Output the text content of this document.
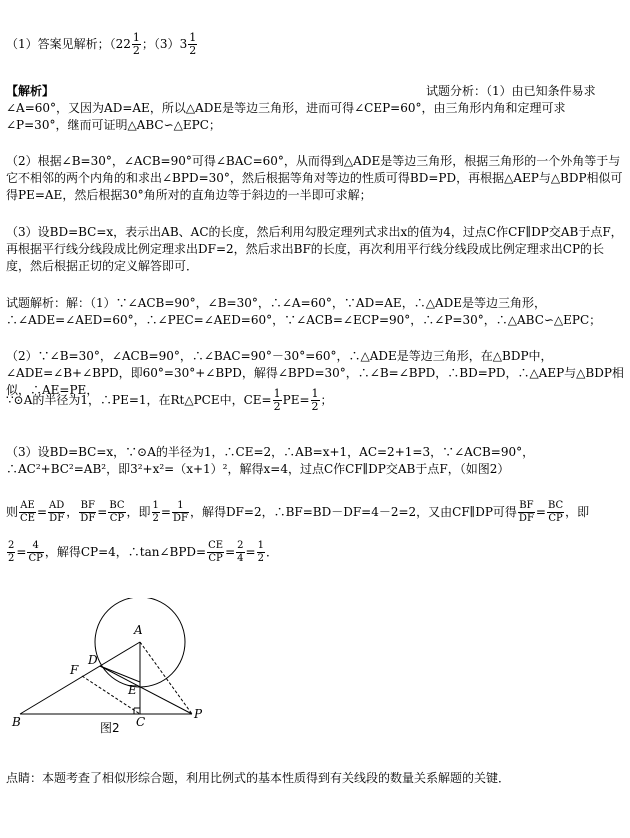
（1）答案见解析；（$22 \frac{1}{2}$ ；$(3)3 \frac{1}{2}$
【解析】	试题分析：（1）由已知条件易求
∠A=60°，又因为AD=AE，所以△ADE是等边三角形，进而可得∠CEP=60°，由三角形内角和定理可求∠P=30°，继而可证明△ABC∽△EPC；
（2）根据∠B=30°，∠ACB=90°可得∠BAC=60°，从而得到△ADE是等边三角形，根据三角形的一个外角等于与它不相邻的两个内角的和求出∠BPD=30°，然后根据等角对等边的性质可得BD=PD，再根据△AEP与△BDP相似可得PE=AE，然后根据30°角所对的直角边等于斜边的一半即可求解；
（3）设BD=BC=x，表示出AB、AC的长度，然后利用勾股定理列式求出x的值为4，过点C作CF∥DP交AB于点F，再根据平行线分线段成比例定理求出DF=2，然后求出BF的长度，再次利用平行线分线段成比例定理求出CP的长度，然后根据正切的定义解答即可．
试题解析：解：（1）∵∠ACB=90°，∠B=30°，∴∠A=60°，∵AD=AE，∴△ADE是等边三角形，∴∠ADE=∠AED=60°，∴∠PEC=∠AED=60°，∵∠ACB=∠ECP=90°，∴∠P=30°，∴△ABC∽△EPC；
（2）∵∠B=30°，∠ACB=90°，∴∠BAC=90°－30°=60°，∴△ADE是等边三角形，在△BDP中，∠ADE=∠B+∠BPD，即60°=30°+∠BPD，解得∠BPD=30°，∴∠B=∠BPD，∴BD=PD，∴△AEP与△BDP相似，∴AE=PE，
∵⊙A的半径为1，∴PE=1，在Rt△PCE中，$CE= \frac{1}{2} PE= \frac{1}{2}$ ；
（3）设BD=BC=x，∵⊙A的半径为1，∴CE=2，∴AB=x+1，AC=2+1=3，∵∠ACB=90°，∴AC²+BC²=AB²，即3²+x²=（x+1）²，解得x=4，过点C作CF∥DP交AB于点F，（如图2）
则 $\frac{AE}{CE} = \frac{AD}{DF}$ ， $\frac{BF}{DF} = \frac{BC}{CP}$ ，即 $\frac{1}{2} = \frac{1}{DF}$ ，解得DF=2，∴BF=BD－DF=4－2=2，又由CF∥DP可得 $\frac{BF}{DF} = \frac{BC}{CP}$ ，即
$\frac{2}{2} = \frac{4}{CP}$ ，解得CP=4，∴tan∠BPD= $\frac{CE}{CP} = \frac{2}{4} = \frac{1}{2}$ ．
A
D
F
E
B	C
P
图2
点睛：本题考查了相似形综合题，利用比例式的基本性质得到有关线段的数量关系解题的关键．
